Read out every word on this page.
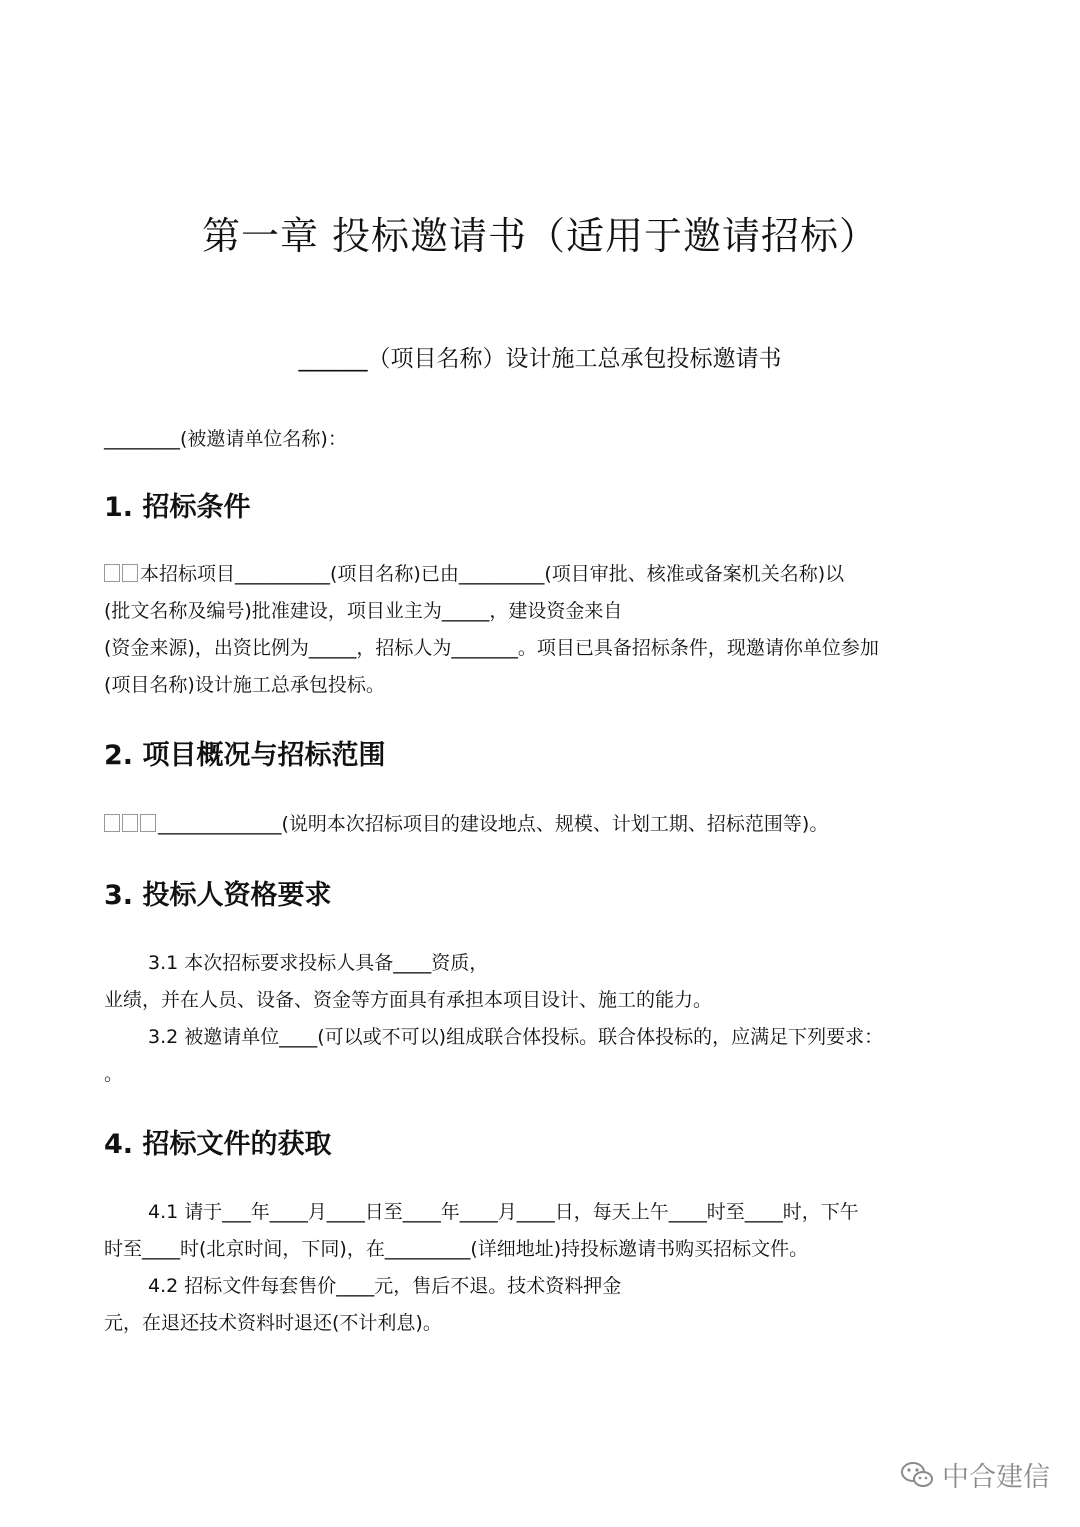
第一章 投标邀请书（适用于邀请招标）
______（项目名称）设计施工总承包投标邀请书
________(被邀请单位名称)：
1. 招标条件
本招标项目__________(项目名称)已由_________(项目审批、核准或备案机关名称)以
(批文名称及编号)批准建设，项目业主为_____，建设资金来自
(资金来源)，出资比例为_____，招标人为_______。项目已具备招标条件，现邀请你单位参加
(项目名称)设计施工总承包投标。
2. 项目概况与招标范围
_____________(说明本次招标项目的建设地点、规模、计划工期、招标范围等)。
3. 投标人资格要求
3.1 本次招标要求投标人具备____资质，
业绩，并在人员、设备、资金等方面具有承担本项目设计、施工的能力。
3.2 被邀请单位____(可以或不可以)组成联合体投标。联合体投标的，应满足下列要求：
。
4. 招标文件的获取
4.1 请于___年____月____日至____年____月____日，每天上午____时至____时，下午
时至____时(北京时间，下同)，在_________(详细地址)持投标邀请书购买招标文件。
4.2 招标文件每套售价____元，售后不退。技术资料押金
元，在退还技术资料时退还(不计利息)。
中合建信
